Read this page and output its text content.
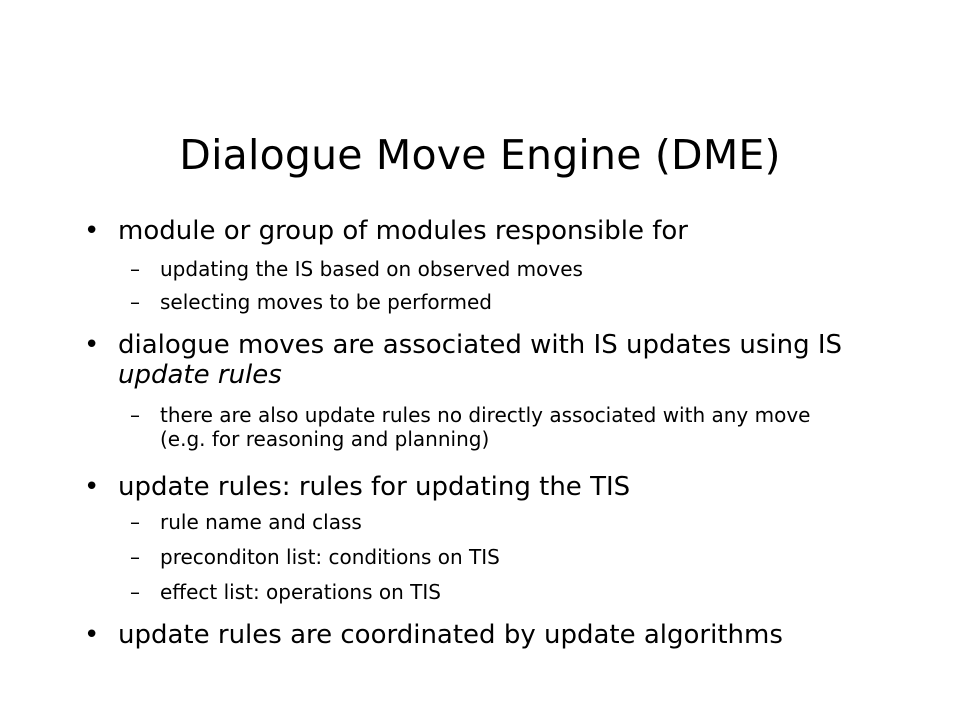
Dialogue Move Engine (DME)
• module or group of modules responsible for
– updating the IS based on observed moves
– selecting moves to be performed
• dialogue moves are associated with IS updates using IS update rules
– there are also update rules no directly associated with any move (e.g. for reasoning and planning)
• update rules: rules for updating the TIS
– rule name and class
– preconditon list: conditions on TIS
– effect list: operations on TIS
• update rules are coordinated by update algorithms
